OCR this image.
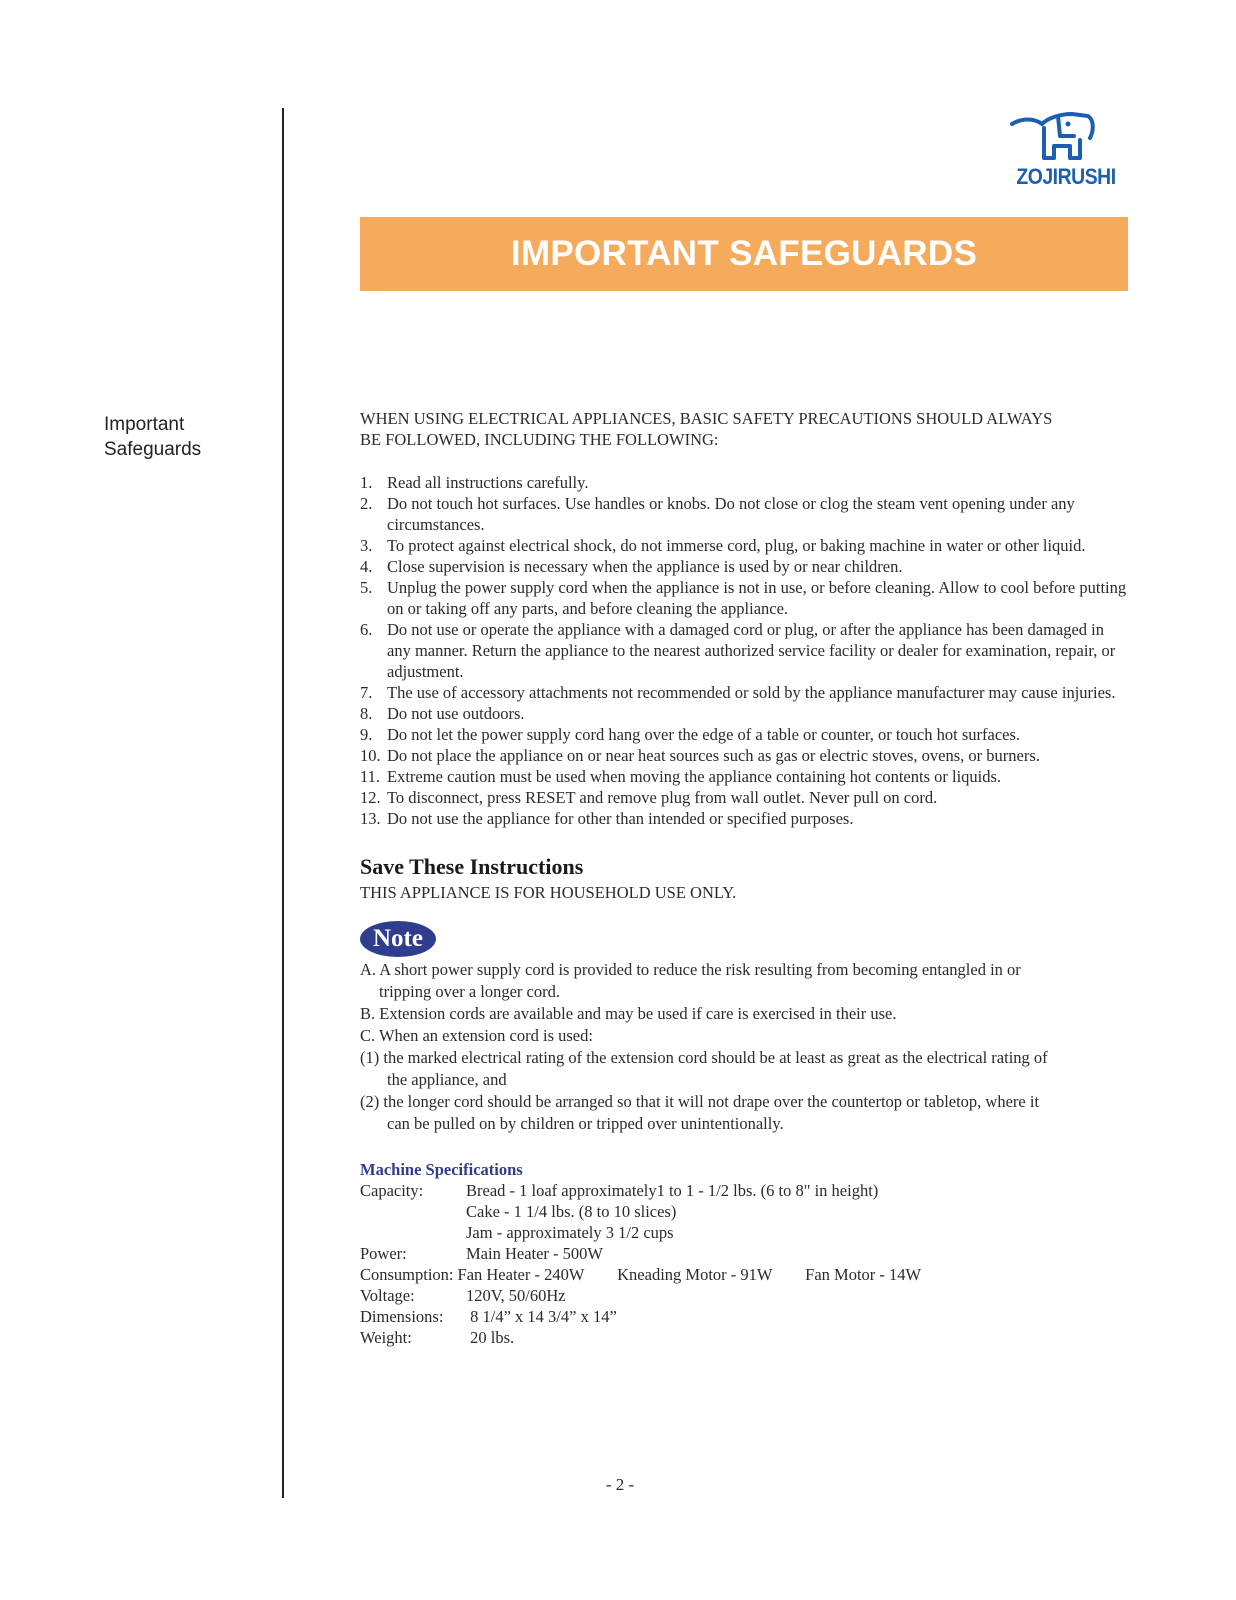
Important
Safeguards
ZOJIRUSHI
IMPORTANT SAFEGUARDS
WHEN USING ELECTRICAL APPLIANCES, BASIC SAFETY PRECAUTIONS SHOULD ALWAYS
BE FOLLOWED, INCLUDING THE FOLLOWING:
1. Read all instructions carefully.
2. Do not touch hot surfaces. Use handles or knobs. Do not close or clog the steam vent opening under any circumstances.
3. To protect against electrical shock, do not immerse cord, plug, or baking machine in water or other liquid.
4. Close supervision is necessary when the appliance is used by or near children.
5. Unplug the power supply cord when the appliance is not in use, or before cleaning. Allow to cool before putting on or taking off any parts, and before cleaning the appliance.
6. Do not use or operate the appliance with a damaged cord or plug, or after the appliance has been damaged in any manner. Return the appliance to the nearest authorized service facility or dealer for examination, repair, or adjustment.
7. The use of accessory attachments not recommended or sold by the appliance manufacturer may cause injuries.
8. Do not use outdoors.
9. Do not let the power supply cord hang over the edge of a table or counter, or touch hot surfaces.
10. Do not place the appliance on or near heat sources such as gas or electric stoves, ovens, or burners.
11. Extreme caution must be used when moving the appliance containing hot contents or liquids.
12. To disconnect, press RESET and remove plug from wall outlet. Never pull on cord.
13. Do not use the appliance for other than intended or specified purposes.
Save These Instructions
THIS APPLIANCE IS FOR HOUSEHOLD USE ONLY.
Note
A. A short power supply cord is provided to reduce the risk resulting from becoming entangled in or
tripping over a longer cord.
B. Extension cords are available and may be used if care is exercised in their use.
C. When an extension cord is used:
(1) the marked electrical rating of the extension cord should be at least as great as the electrical rating of
the appliance, and
(2) the longer cord should be arranged so that it will not drape over the countertop or tabletop, where it
can be pulled on by children or tripped over unintentionally.
Machine Specifications
Capacity:	Bread - 1 loaf approximately1 to 1 - 1/2 lbs. (6 to 8" in height)
Cake - 1 1/4 lbs. (8 to 10 slices)
Jam - approximately 3 1/2 cups
Power:	Main Heater - 500W
Consumption: Fan Heater - 240W        Kneading Motor - 91W        Fan Motor - 14W
Voltage:	120V, 50/60Hz
Dimensions:	8 1/4” x 14 3/4” x 14”
Weight:	20 lbs.
- 2 -
